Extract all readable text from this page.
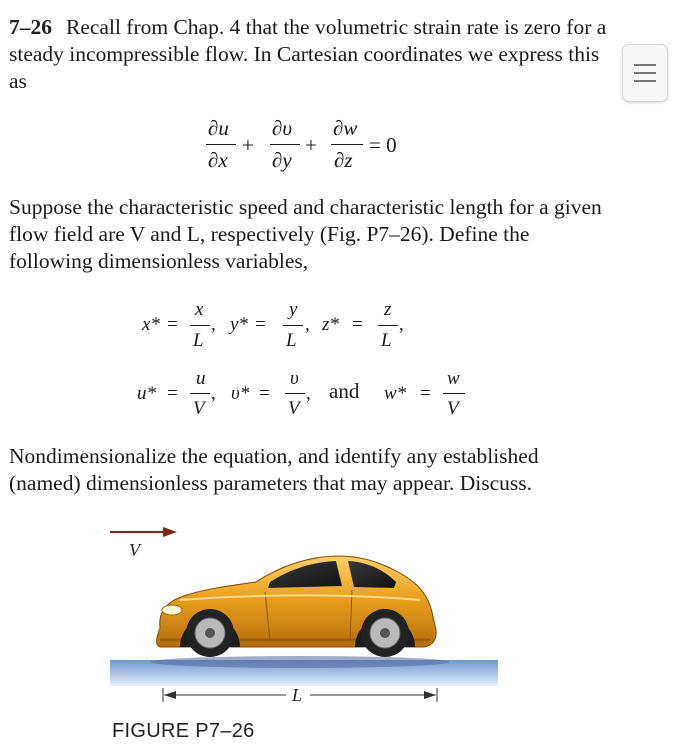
7–26 Recall from Chap. 4 that the volumetric strain rate is zero for a steady incompressible flow. In Cartesian coordinates we express this as
∂u
∂x
+
∂υ
∂y
+
∂w
∂z
= 0
Suppose the characteristic speed and characteristic length for a given flow field are V and L, respectively (Fig. P7–26). Define the following dimensionless variables,
x* =
x
L
, y* =
y
L
, z* =
z
L
,
u* =
u
V
, υ* =
υ
V
, and w* =
w
V
Nondimensionalize the equation, and identify any established (named) dimensionless parameters that may appear. Discuss.
V
L
FIGURE P7–26
